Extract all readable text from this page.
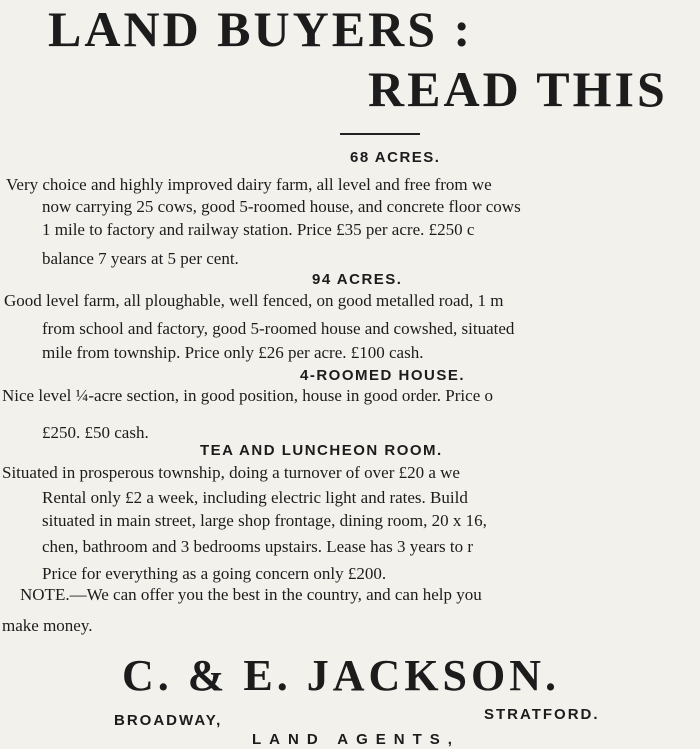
LAND BUYERS :
READ THIS
68 ACRES.
Very choice and highly improved dairy farm, all level and free from we
now carrying 25 cows, good 5-roomed house, and concrete floor cows
1 mile to factory and railway station. Price £35 per acre. £250 c
balance 7 years at 5 per cent.
94 ACRES.
Good level farm, all ploughable, well fenced, on good metalled road, 1 m
from school and factory, good 5-roomed house and cowshed, situated
mile from township. Price only £26 per acre. £100 cash.
4-ROOMED HOUSE.
Nice level ¼-acre section, in good position, house in good order. Price o
£250. £50 cash.
TEA AND LUNCHEON ROOM.
Situated in prosperous township, doing a turnover of over £20 a we
Rental only £2 a week, including electric light and rates. Build
situated in main street, large shop frontage, dining room, 20 x 16,
chen, bathroom and 3 bedrooms upstairs. Lease has 3 years to r
Price for everything as a going concern only £200.
NOTE.—We can offer you the best in the country, and can help you
make money.
C. & E. JACKSON.
BROADWAY,	STRATFORD.
LAND AGENTS,
